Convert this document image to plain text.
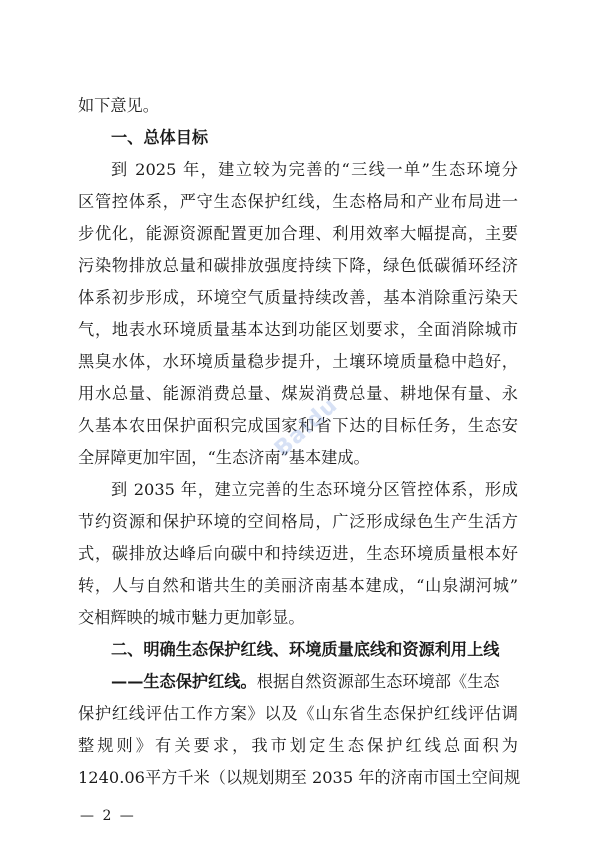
如下意见。
一、总体目标
到 2025 年，建立较为完善的“三线一单”生态环境分
区管控体系，严守生态保护红线，生态格局和产业布局进一
步优化，能源资源配置更加合理、利用效率大幅提高，主要
污染物排放总量和碳排放强度持续下降，绿色低碳循环经济
体系初步形成，环境空气质量持续改善，基本消除重污染天
气，地表水环境质量基本达到功能区划要求，全面消除城市
黑臭水体，水环境质量稳步提升，土壤环境质量稳中趋好，
用水总量、能源消费总量、煤炭消费总量、耕地保有量、永
久基本农田保护面积完成国家和省下达的目标任务，生态安
全屏障更加牢固，“生态济南”基本建成。
到 2035 年，建立完善的生态环境分区管控体系，形成
节约资源和保护环境的空间格局，广泛形成绿色生产生活方
式，碳排放达峰后向碳中和持续迈进，生态环境质量根本好
转，人与自然和谐共生的美丽济南基本建成，“山泉湖河城”
交相辉映的城市魅力更加彰显。
二、明确生态保护红线、环境质量底线和资源利用上线
——生态保护红线。根据自然资源部生态环境部《生态
保护红线评估工作方案》以及《山东省生态保护红线评估调
整规则》有关要求，我市划定生态保护红线总面积为
1240.06平方千米（以规划期至 2035 年的济南市国土空间规
Baidu
— 2 —
